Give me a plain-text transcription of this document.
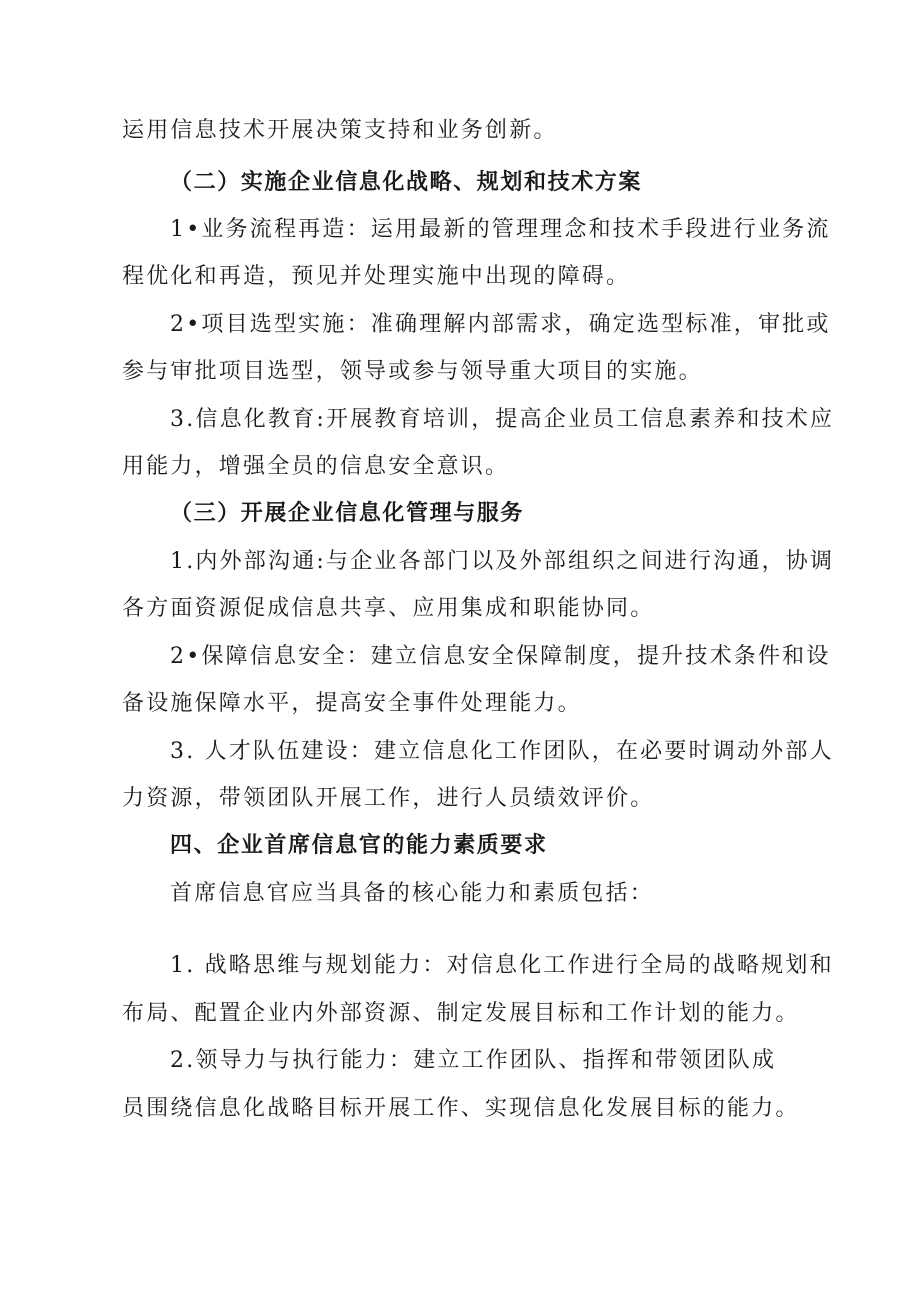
运用信息技术开展决策支持和业务创新。
（二）实施企业信息化战略、规划和技术方案
1•业务流程再造：运用最新的管理理念和技术手段进行业务流
程优化和再造，预见并处理实施中出现的障碍。
2•项目选型实施：准确理解内部需求，确定选型标准，审批或
参与审批项目选型，领导或参与领导重大项目的实施。
3.信息化教育:开展教育培训，提高企业员工信息素养和技术应
用能力，增强全员的信息安全意识。
（三）开展企业信息化管理与服务
1.内外部沟通:与企业各部门以及外部组织之间进行沟通，协调
各方面资源促成信息共享、应用集成和职能协同。
2•保障信息安全：建立信息安全保障制度，提升技术条件和设
备设施保障水平，提高安全事件处理能力。
3. 人才队伍建设：建立信息化工作团队，在必要时调动外部人
力资源，带领团队开展工作，进行人员绩效评价。
四、企业首席信息官的能力素质要求
首席信息官应当具备的核心能力和素质包括：
1. 战略思维与规划能力：对信息化工作进行全局的战略规划和
布局、配置企业内外部资源、制定发展目标和工作计划的能力。
2.领导力与执行能力：建立工作团队、指挥和带领团队成
员围绕信息化战略目标开展工作、实现信息化发展目标的能力。
